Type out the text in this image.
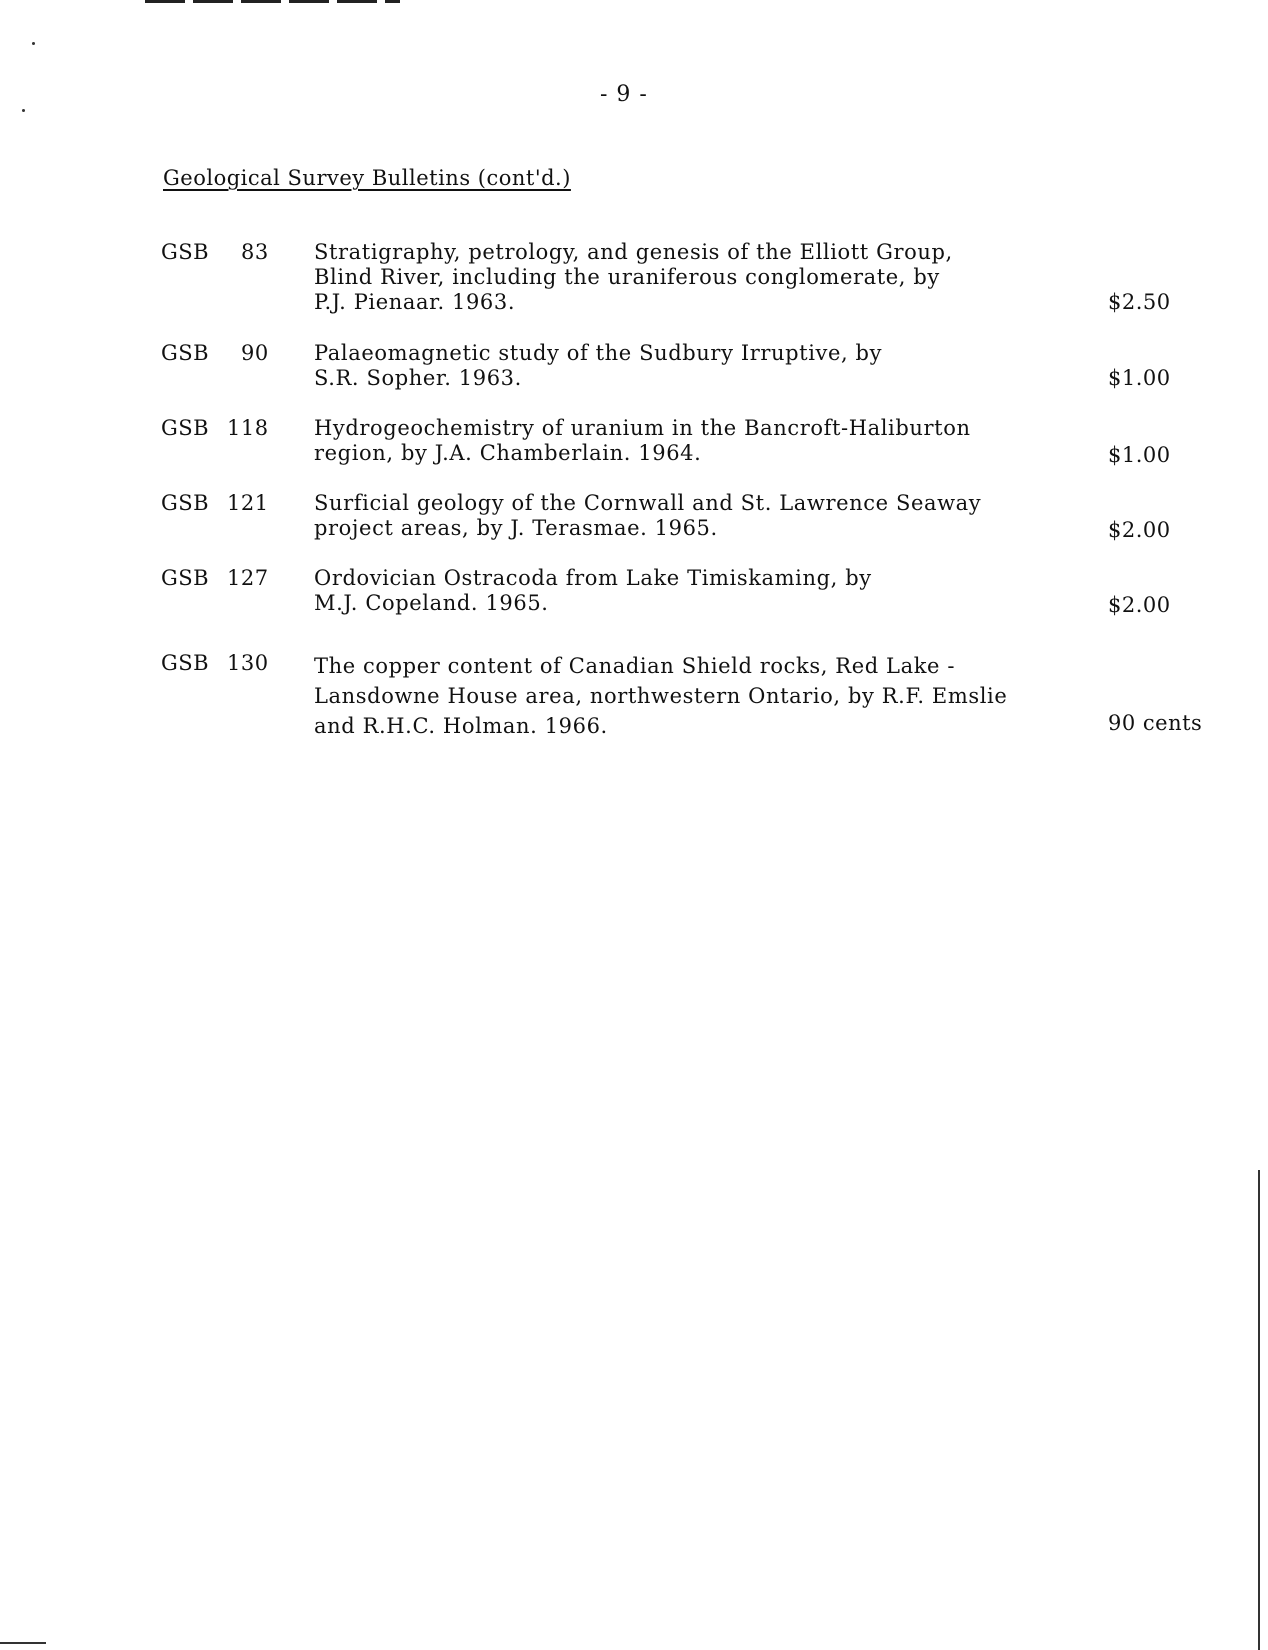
- 9 -
Geological Survey Bulletins (cont'd.)
GSB 83 Stratigraphy, petrology, and genesis of the Elliott Group,
Blind River, including the uraniferous conglomerate, by
P.J. Pienaar. 1963.	$2.50
GSB 90 Palaeomagnetic study of the Sudbury Irruptive, by
S.R. Sopher. 1963.	$1.00
GSB 118 Hydrogeochemistry of uranium in the Bancroft-Haliburton
region, by J.A. Chamberlain. 1964.	$1.00
GSB 121 Surficial geology of the Cornwall and St. Lawrence Seaway
project areas, by J. Terasmae. 1965.	$2.00
GSB 127 Ordovician Ostracoda from Lake Timiskaming, by
M.J. Copeland. 1965.	$2.00
GSB 130 The copper content of Canadian Shield rocks, Red Lake -
Lansdowne House area, northwestern Ontario, by R.F. Emslie
and R.H.C. Holman. 1966.	90 cents
